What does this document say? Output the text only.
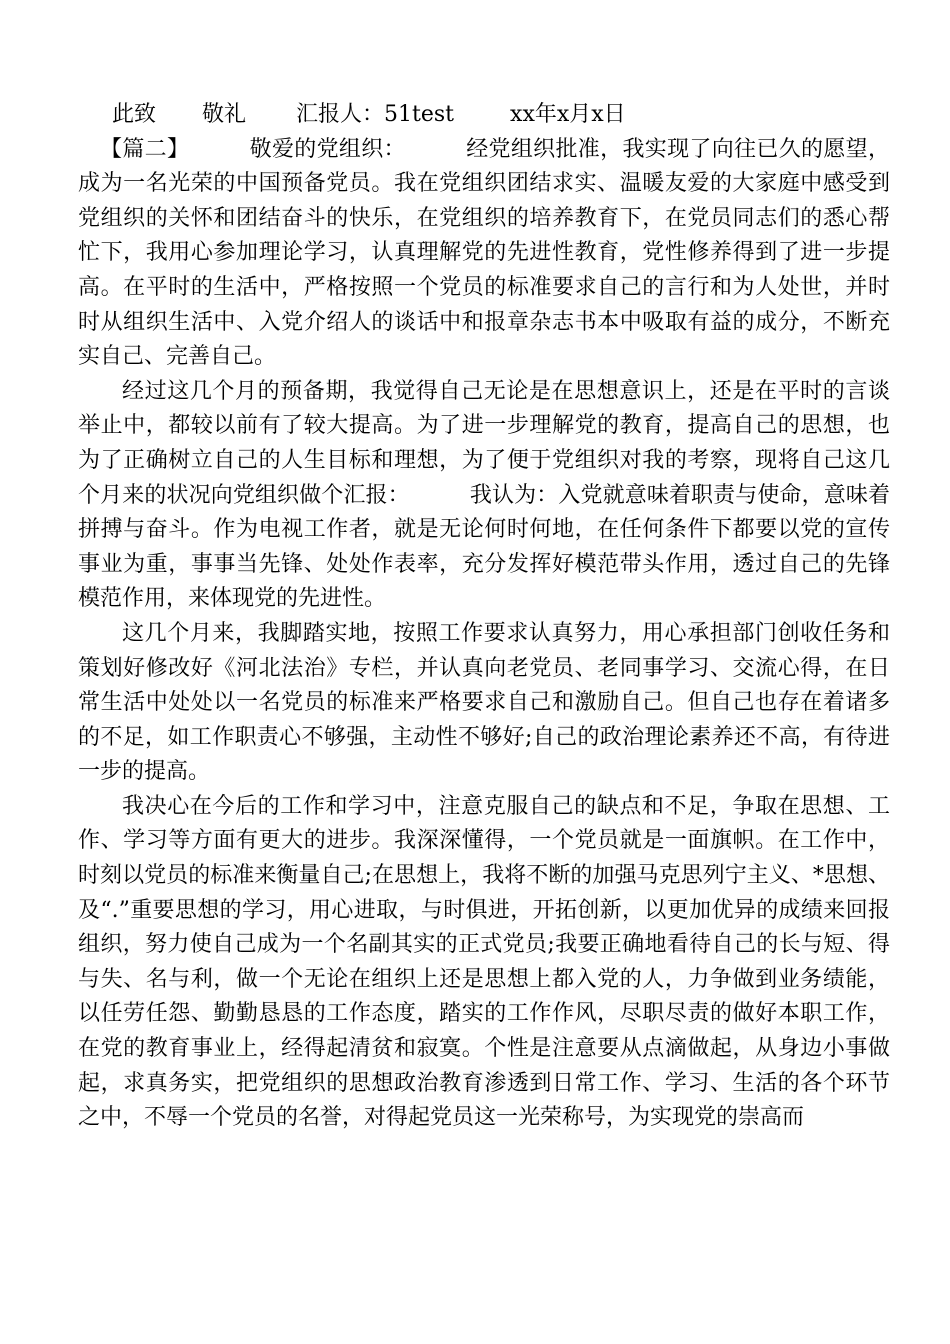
此致 敬礼 汇报人：51test	xx年x月x日

【篇二】	敬爱的党组织：	经党组织批准，我实现了向往已久的愿望，成为一名光荣的中国预备党员。我在党组织团结求实、温暖友爱的大家庭中感受到党组织的关怀和团结奋斗的快乐，在党组织的培养教育下，在党员同志们的悉心帮忙下，我用心参加理论学习，认真理解党的先进性教育，党性修养得到了进一步提高。在平时的生活中，严格按照一个党员的标准要求自己的言行和为人处世，并时时从组织生活中、入党介绍人的谈话中和报章杂志书本中吸取有益的成分，不断充实自己、完善自己。

经过这几个月的预备期，我觉得自己无论是在思想意识上，还是在平时的言谈举止中，都较以前有了较大提高。为了进一步理解党的教育，提高自己的思想，也为了正确树立自己的人生目标和理想，为了便于党组织对我的考察，现将自己这几个月来的状况向党组织做个汇报：	我认为：入党就意味着职责与使命，意味着拼搏与奋斗。作为电视工作者，就是无论何时何地，在任何条件下都要以党的宣传事业为重，事事当先锋、处处作表率，充分发挥好模范带头作用，透过自己的先锋模范作用，来体现党的先进性。

这几个月来，我脚踏实地，按照工作要求认真努力，用心承担部门创收任务和策划好修改好《河北法治》专栏，并认真向老党员、老同事学习、交流心得，在日常生活中处处以一名党员的标准来严格要求自己和激励自己。但自己也存在着诸多的不足，如工作职责心不够强，主动性不够好;自己的政治理论素养还不高，有待进一步的提高。

我决心在今后的工作和学习中，注意克服自己的缺点和不足，争取在思想、工作、学习等方面有更大的进步。我深深懂得，一个党员就是一面旗帜。在工作中，时刻以党员的标准来衡量自己;在思想上，我将不断的加强马克思列宁主义、*思想、及“.”重要思想的学习，用心进取，与时俱进，开拓创新，以更加优异的成绩来回报组织，努力使自己成为一个名副其实的正式党员;我要正确地看待自己的长与短、得与失、名与利，做一个无论在组织上还是思想上都入党的人，力争做到业务绩能，以任劳任怨、勤勤恳恳的工作态度，踏实的工作作风，尽职尽责的做好本职工作，在党的教育事业上，经得起清贫和寂寞。个性是注意要从点滴做起，从身边小事做起，求真务实，把党组织的思想政治教育渗透到日常工作、学习、生活的各个环节之中，不辱一个党员的名誉，对得起党员这一光荣称号，为实现党的崇高而
